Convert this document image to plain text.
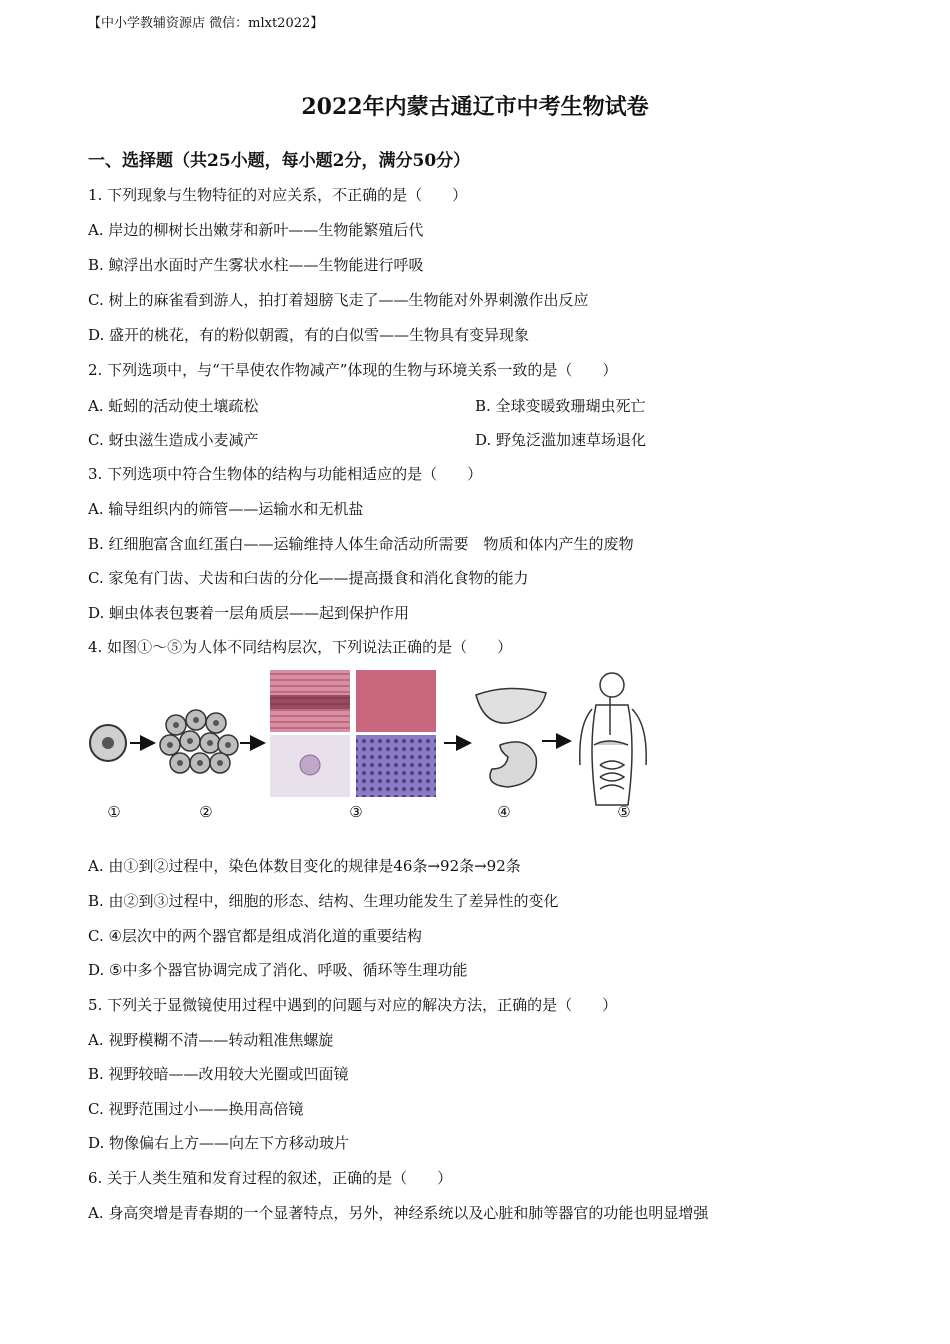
【中小学教辅资源店 微信：mlxt2022】
2022年内蒙古通辽市中考生物试卷
一、选择题（共25小题，每小题2分，满分50分）
1. 下列现象与生物特征的对应关系，不正确的是（　　）
A. 岸边的柳树长出嫩芽和新叶——生物能繁殖后代
B. 鲸浮出水面时产生雾状水柱——生物能进行呼吸
C. 树上的麻雀看到游人，拍打着翅膀飞走了——生物能对外界刺激作出反应
D. 盛开的桃花，有的粉似朝霞，有的白似雪——生物具有变异现象
2. 下列选项中，与“干旱使农作物减产”体现的生物与环境关系一致的是（　　）
A. 蚯蚓的活动使土壤疏松	B. 全球变暖致珊瑚虫死亡
C. 蚜虫滋生造成小麦减产	D. 野兔泛滥加速草场退化
3. 下列选项中符合生物体的结构与功能相适应的是（　　）
A. 输导组织内的筛管——运输水和无机盐
B. 红细胞富含血红蛋白——运输维持人体生命活动所需要　物质和体内产生的废物
C. 家兔有门齿、犬齿和臼齿的分化——提高摄食和消化食物的能力
D. 蛔虫体表包裹着一层角质层——起到保护作用
4. 如图①～⑤为人体不同结构层次，下列说法正确的是（　　）
①	②	③	④	⑤
A. 由①到②过程中，染色体数目变化的规律是46条→92条→92条
B. 由②到③过程中，细胞的形态、结构、生理功能发生了差异性的变化
C. ④层次中的两个器官都是组成消化道的重要结构
D. ⑤中多个器官协调完成了消化、呼吸、循环等生理功能
5. 下列关于显微镜使用过程中遇到的问题与对应的解决方法，正确的是（　　）
A. 视野模糊不清——转动粗准焦螺旋
B. 视野较暗——改用较大光圈或凹面镜
C. 视野范围过小——换用高倍镜
D. 物像偏右上方——向左下方移动玻片
6. 关于人类生殖和发育过程的叙述，正确的是（　　）
A. 身高突增是青春期的一个显著特点，另外，神经系统以及心脏和肺等器官的功能也明显增强
